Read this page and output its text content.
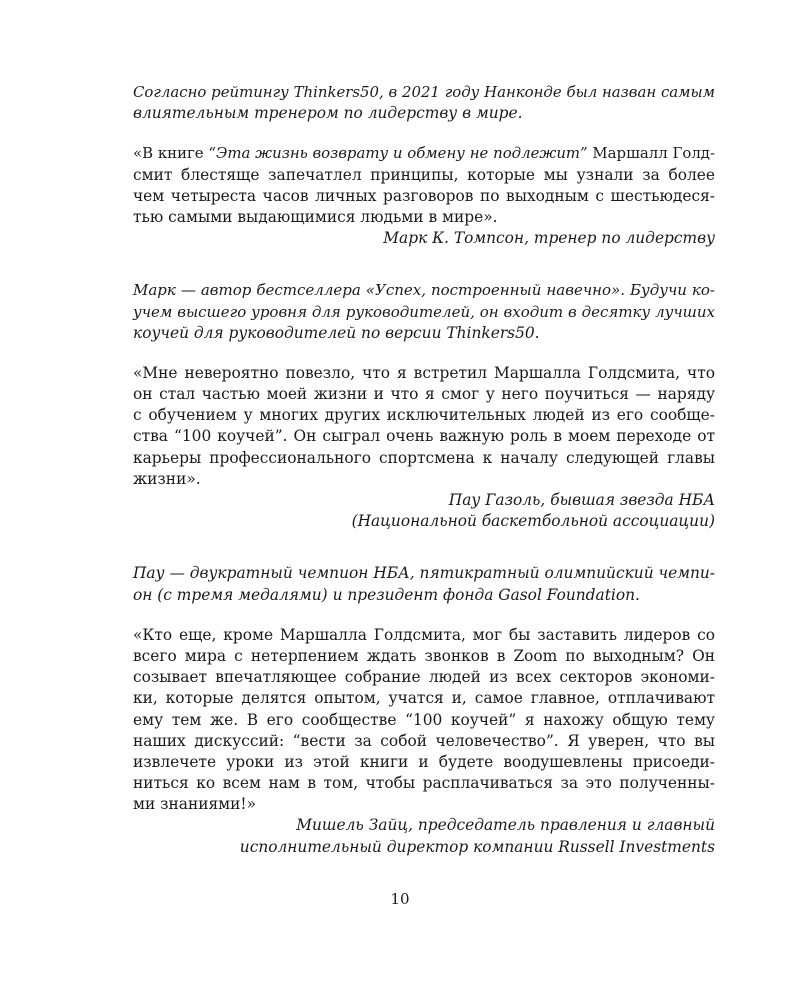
Согласно рейтингу Thinkers50, в 2021 году Нанконде был назван самым
влиятельным тренером по лидерству в мире.
«В книге “Эта жизнь возврату и обмену не подлежит” Маршалл Голд-
смит блестяще запечатлел принципы, которые мы узнали за более
чем четыреста часов личных разговоров по выходным с шестьюдеся-
тью самыми выдающимися людьми в мире».
Марк К. Томпсон, тренер по лидерству
Марк — автор бестселлера «Успех, построенный навечно». Будучи ко-
учем высшего уровня для руководителей, он входит в десятку лучших
коучей для руководителей по версии Thinkers50.
«Мне невероятно повезло, что я встретил Маршалла Голдсмита, что
он стал частью моей жизни и что я смог у него поучиться — наряду
с обучением у многих других исключительных людей из его сообще-
ства “100 коучей”. Он сыграл очень важную роль в моем переходе от
карьеры профессионального спортсмена к началу следующей главы
жизни».
Пау Газоль, бывшая звезда НБА
(Национальной баскетбольной ассоциации)
Пау — двукратный чемпион НБА, пятикратный олимпийский чемпи-
он (с тремя медалями) и президент фонда Gasol Foundation.
«Кто еще, кроме Маршалла Голдсмита, мог бы заставить лидеров со
всего мира с нетерпением ждать звонков в Zoom по выходным? Он
созывает впечатляющее собрание людей из всех секторов экономи-
ки, которые делятся опытом, учатся и, самое главное, отплачивают
ему тем же. В его сообществе “100 коучей” я нахожу общую тему
наших дискуссий: “вести за собой человечество”. Я уверен, что вы
извлечете уроки из этой книги и будете воодушевлены присоеди-
ниться ко всем нам в том, чтобы расплачиваться за это полученны-
ми знаниями!»
Мишель Зайц, председатель правления и главный
исполнительный директор компании Russell Investments
10
